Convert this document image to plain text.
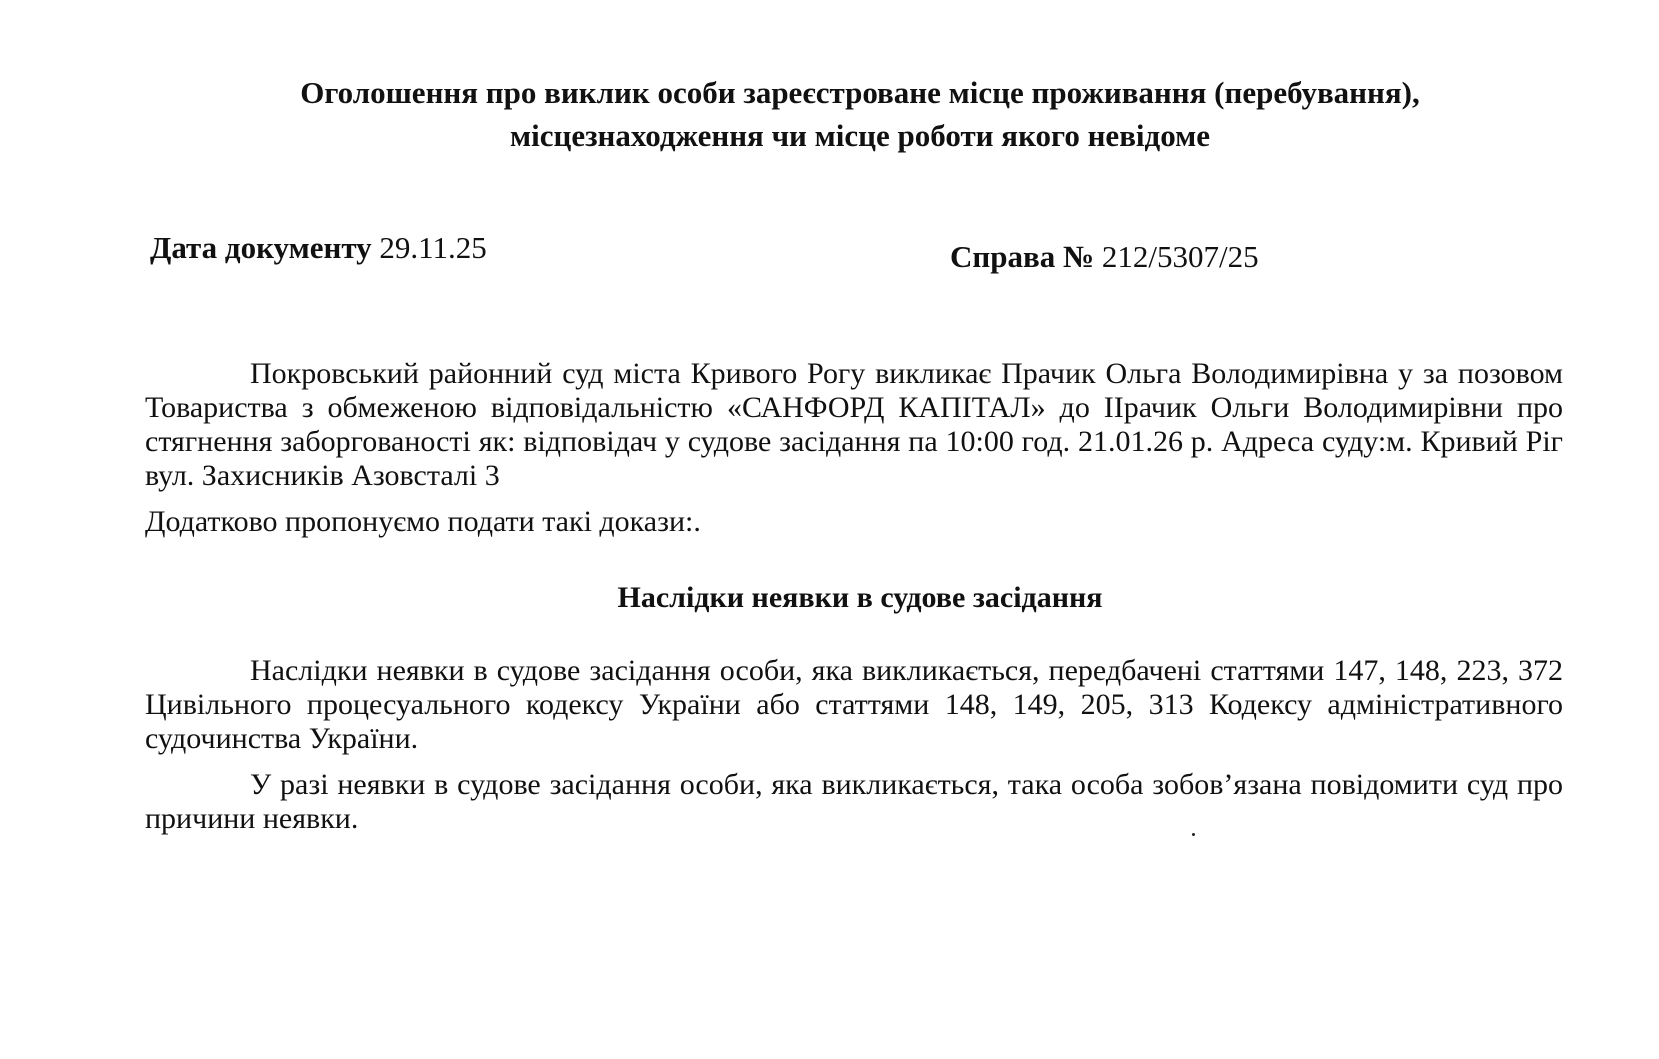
Оголошення про виклик особи зареєстроване місце проживання (перебування),
місцезнаходження чи місце роботи якого невідоме
Дата документу 29.11.25	Справа № 212/5307/25
Покровський районний суд міста Кривого Рогу викликає Прачик Ольга Володимирівна у за позовом Товариства з обмеженою відповідальністю «САНФОРД КАПІТАЛ» до ІІрачик Ольги Володимирівни про стягнення заборгованості як: відповідач у судове засідання па 10:00 год. 21.01.26 р. Адреса суду:м. Кривий Ріг вул. Захисників Азовсталі 3
Додатково пропонуємо подати такі докази:.
Наслідки неявки в судове засідання
Наслідки неявки в судове засідання особи, яка викликається, передбачені статтями 147, 148, 223, 372 Цивільного процесуального кодексу України або статтями 148, 149, 205, 313 Кодексу адміністративного судочинства України.
У разі неявки в судове засідання особи, яка викликається, така особа зобов’язана повідомити суд про причини неявки.
